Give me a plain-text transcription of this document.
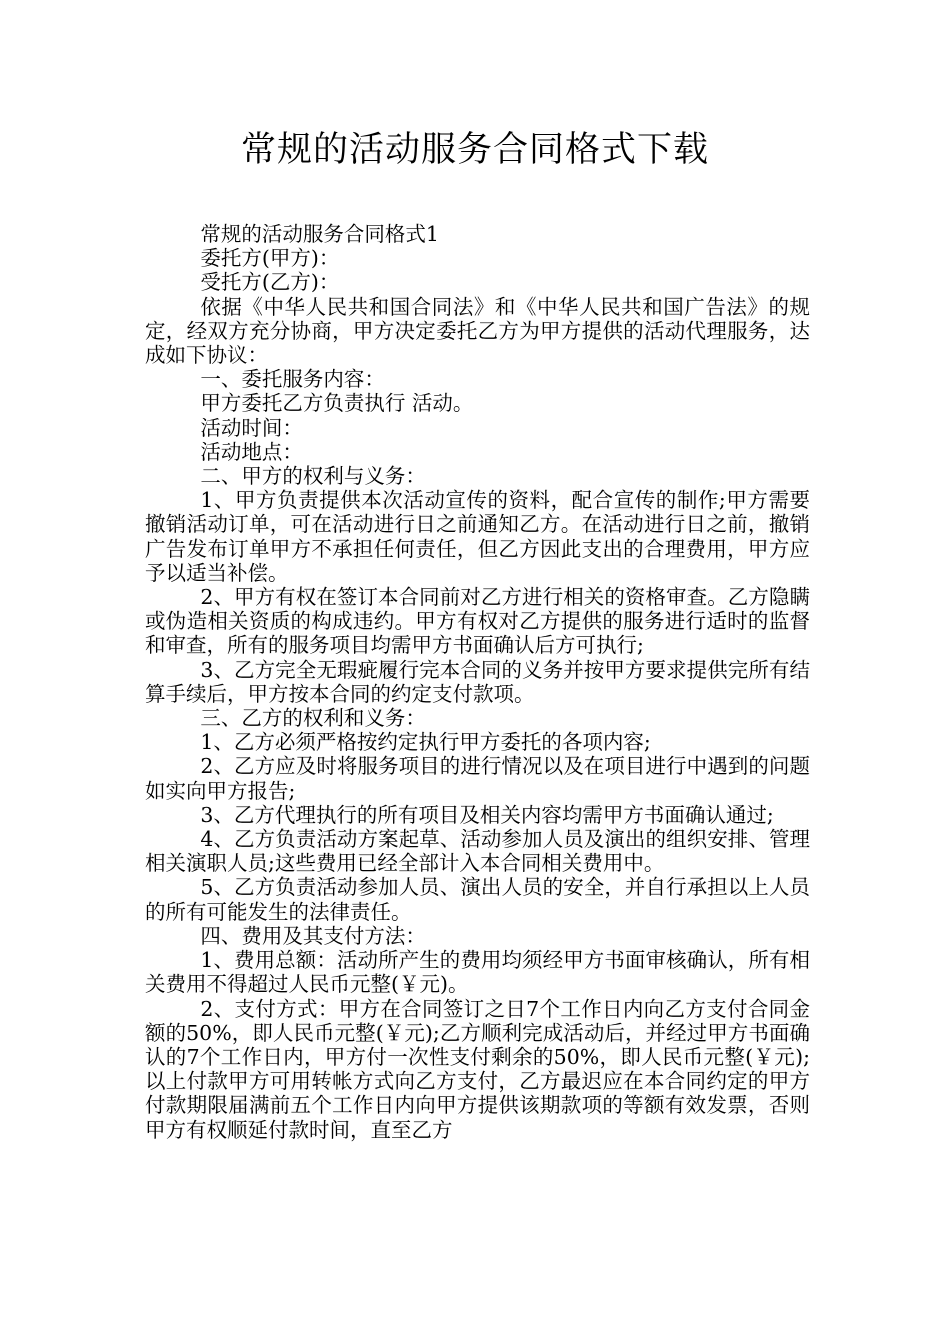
常规的活动服务合同格式下载

常规的活动服务合同格式1

委托方(甲方)：

受托方(乙方)：

依据《中华人民共和国合同法》和《中华人民共和国广告法》的规定，经双方充分协商，甲方决定委托乙方为甲方提供的活动代理服务，达成如下协议：

一、委托服务内容：

甲方委托乙方负责执行 活动。

活动时间：

活动地点：

二、甲方的权利与义务：

1、甲方负责提供本次活动宣传的资料，配合宣传的制作;甲方需要撤销活动订单，可在活动进行日之前通知乙方。在活动进行日之前，撤销广告发布订单甲方不承担任何责任，但乙方因此支出的合理费用，甲方应予以适当补偿。

2、甲方有权在签订本合同前对乙方进行相关的资格审查。乙方隐瞒或伪造相关资质的构成违约。甲方有权对乙方提供的服务进行适时的监督和审查，所有的服务项目均需甲方书面确认后方可执行;

3、乙方完全无瑕疵履行完本合同的义务并按甲方要求提供完所有结算手续后，甲方按本合同的约定支付款项。

三、乙方的权利和义务：

1、乙方必须严格按约定执行甲方委托的各项内容;

2、乙方应及时将服务项目的进行情况以及在项目进行中遇到的问题如实向甲方报告;

3、乙方代理执行的所有项目及相关内容均需甲方书面确认通过;

4、乙方负责活动方案起草、活动参加人员及演出的组织安排、管理相关演职人员;这些费用已经全部计入本合同相关费用中。

5、乙方负责活动参加人员、演出人员的安全，并自行承担以上人员的所有可能发生的法律责任。

四、费用及其支付方法：

1、费用总额：活动所产生的费用均须经甲方书面审核确认，所有相关费用不得超过人民币元整(￥元)。

2、支付方式：甲方在合同签订之日7个工作日内向乙方支付合同金额的50%，即人民币元整(￥元);乙方顺利完成活动后，并经过甲方书面确认的7个工作日内，甲方付一次性支付剩余的50%，即人民币元整(￥元);以上付款甲方可用转帐方式向乙方支付，乙方最迟应在本合同约定的甲方付款期限届满前五个工作日内向甲方提供该期款项的等额有效发票，否则甲方有权顺延付款时间，直至乙方
